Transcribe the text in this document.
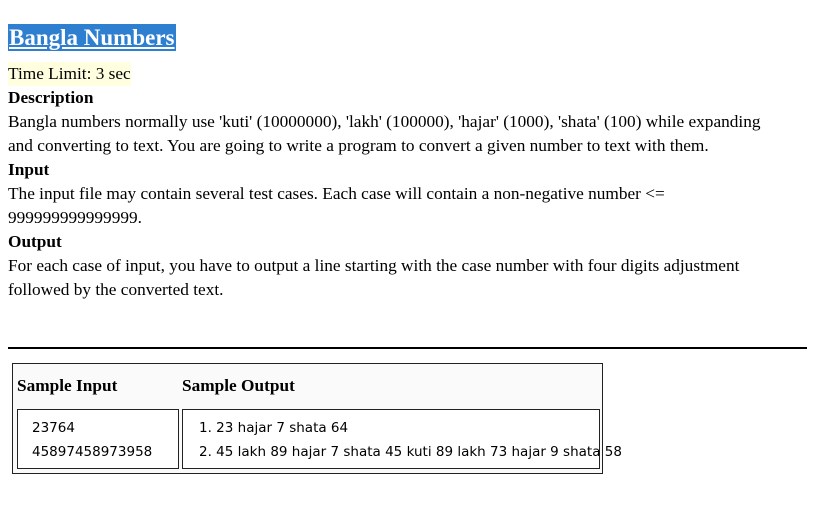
Bangla Numbers
Time Limit: 3 sec
Description
Bangla numbers normally use 'kuti' (10000000), 'lakh' (100000), 'hajar' (1000), 'shata' (100) while expanding
and converting to text. You are going to write a program to convert a given number to text with them.
Input
The input file may contain several test cases. Each case will contain a non-negative number <=
999999999999999.
Output
For each case of input, you have to output a line starting with the case number with four digits adjustment
followed by the converted text.
Sample Input	Sample Output
23764
45897458973958
1. 23 hajar 7 shata 64
2. 45 lakh 89 hajar 7 shata 45 kuti 89 lakh 73 hajar 9 shata 58
